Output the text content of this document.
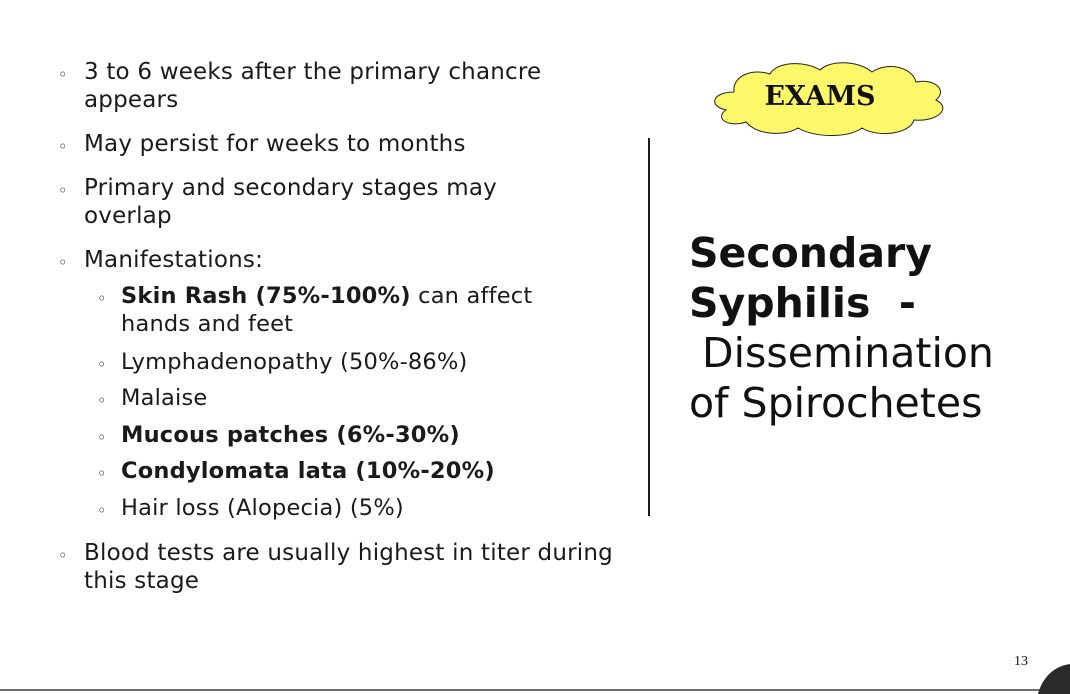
◦ 3 to 6 weeks after the primary chancre
appears
◦ May persist for weeks to months
◦ Primary and secondary stages may
overlap
◦ Manifestations:
◦ Skin Rash (75%-100%) can affect
hands and feet
◦ Lymphadenopathy (50%-86%)
◦ Malaise
◦ Mucous patches (6%-30%)
◦ Condylomata lata (10%-20%)
◦ Hair loss (Alopecia) (5%)
◦ Blood tests are usually highest in titer during
this stage
EXAMS
Secondary
Syphilis  -
Dissemination
of Spirochetes
13
